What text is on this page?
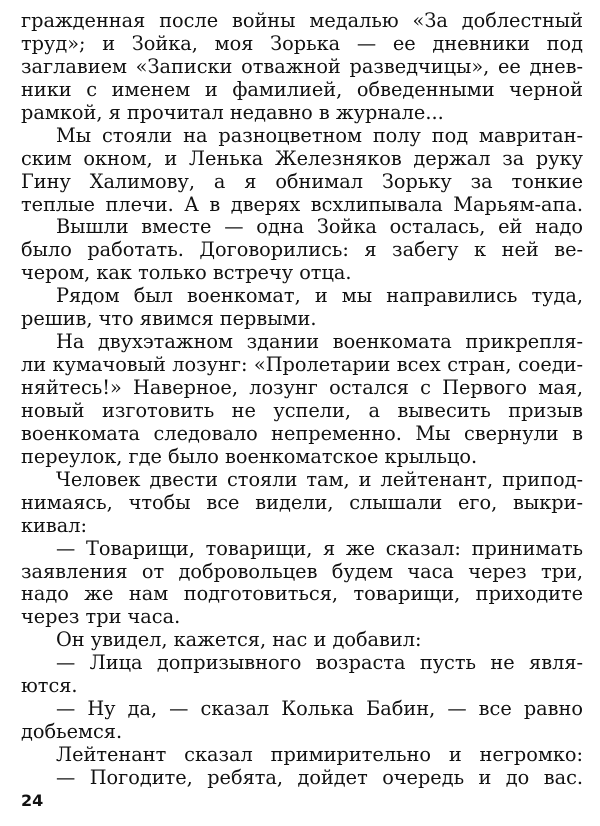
гражденная после войны медалью «За доблестный
труд»; и Зойка, моя Зорька — ее дневники под
заглавием «Записки отважной разведчицы», ее днев-
ники с именем и фамилией, обведенными черной
рамкой, я прочитал недавно в журнале...
Мы стояли на разноцветном полу под мавритан-
ским окном, и Ленька Железняков держал за руку
Гину Халимову, а я обнимал Зорьку за тонкие
теплые плечи. А в дверях всхлипывала Марьям-апа.
Вышли вместе — одна Зойка осталась, ей надо
было работать. Договорились: я забегу к ней ве-
чером, как только встречу отца.
Рядом был военкомат, и мы направились туда,
решив, что явимся первыми.
На двухэтажном здании военкомата прикрепля-
ли кумачовый лозунг: «Пролетарии всех стран, соеди-
няйтесь!» Наверное, лозунг остался с Первого мая,
новый изготовить не успели, а вывесить призыв
военкомата следовало непременно. Мы свернули в
переулок, где было военкоматское крыльцо.
Человек двести стояли там, и лейтенант, припод-
нимаясь, чтобы все видели, слышали его, выкри-
кивал:
— Товарищи, товарищи, я же сказал: принимать
заявления от добровольцев будем часа через три,
надо же нам подготовиться, товарищи, приходите
через три часа.
Он увидел, кажется, нас и добавил:
— Лица допризывного возраста пусть не явля-
ются.
— Ну да, — сказал Колька Бабин, — все равно
добьемся.
Лейтенант сказал примирительно и негромко:
— Погодите, ребята, дойдет очередь и до вас.
24
